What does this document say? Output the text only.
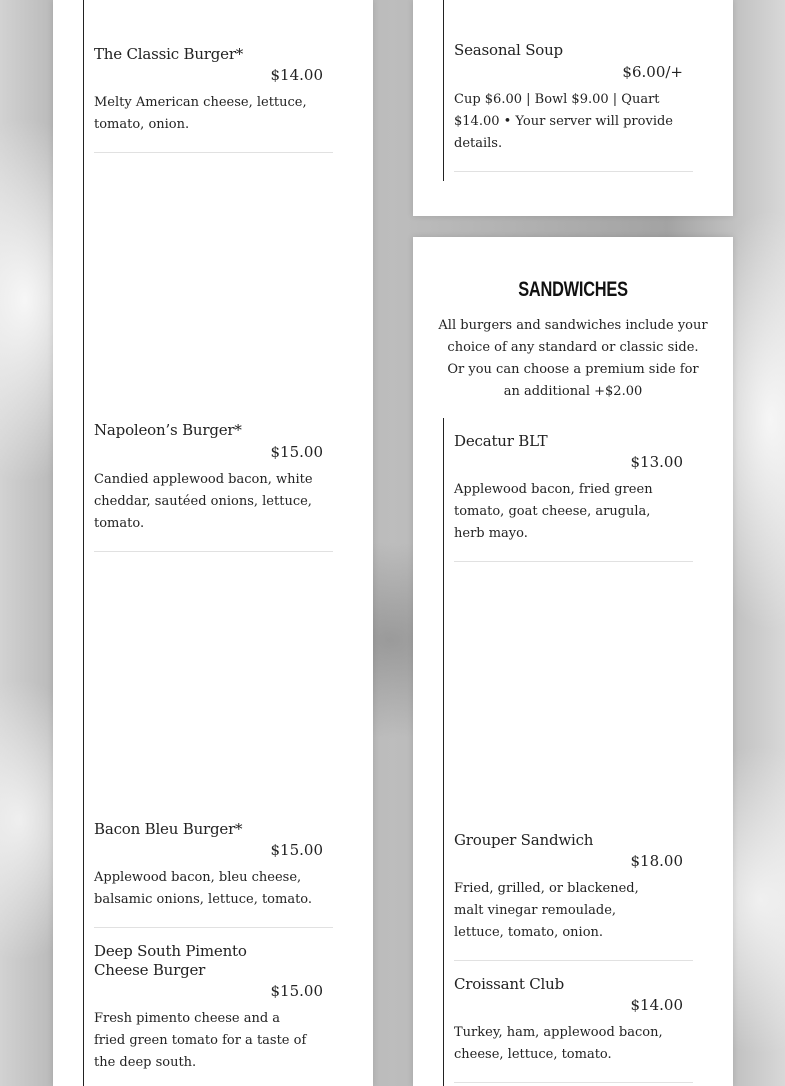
The Classic Burger*
$14.00
Melty American cheese, lettuce, tomato, onion.
Napoleon’s Burger*
$15.00
Candied applewood bacon, white cheddar, sautéed onions, lettuce, tomato.
Bacon Bleu Burger*
$15.00
Applewood bacon, bleu cheese, balsamic onions, lettuce, tomato.
Deep South Pimento Cheese Burger
$15.00
Fresh pimento cheese and a fried green tomato for a taste of the deep south.
Seasonal Soup
$6.00/+
Cup $6.00 | Bowl $9.00 | Quart $14.00 • Your server will provide details.
SANDWICHES
All burgers and sandwiches include your choice of any standard or classic side. Or you can choose a premium side for an additional +$2.00
Decatur BLT
$13.00
Applewood bacon, fried green tomato, goat cheese, arugula, herb mayo.
Grouper Sandwich
$18.00
Fried, grilled, or blackened, malt vinegar remoulade, lettuce, tomato, onion.
Croissant Club
$14.00
Turkey, ham, applewood bacon, cheese, lettuce, tomato.
